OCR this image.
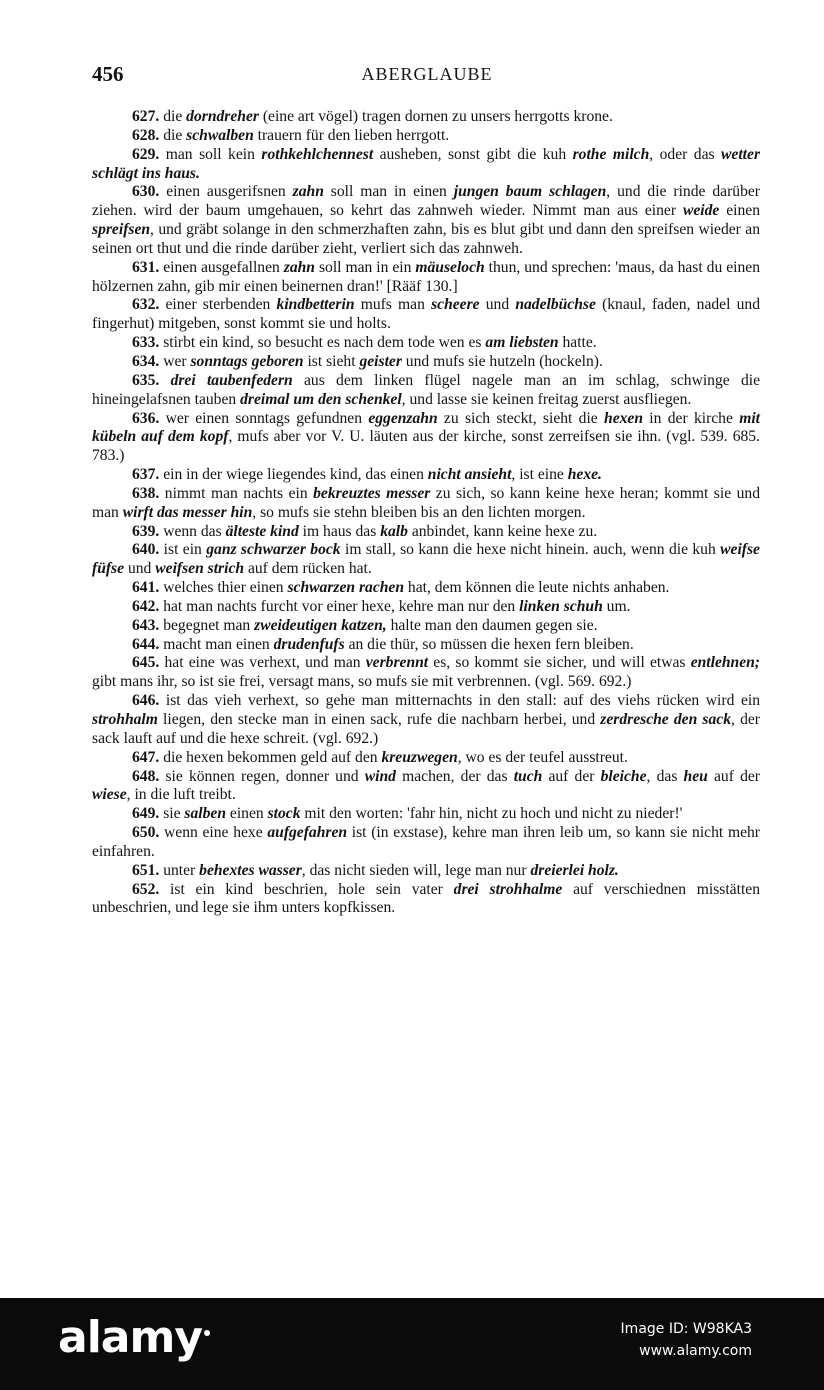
456	ABERGLAUBE

627. die dorndreher (eine art vögel) tragen dornen zu unsers herrgotts krone.

628. die schwalben trauern für den lieben herrgott.

629. man soll kein rothkehlchennest ausheben, sonst gibt die kuh rothe milch, oder das wetter schlägt ins haus.

630. einen ausgerifsnen zahn soll man in einen jungen baum schlagen, und die rinde darüber ziehen. wird der baum umgehauen, so kehrt das zahnweh wieder. Nimmt man aus einer weide einen spreifsen, und gräbt solange in den schmerzhaften zahn, bis es blut gibt und dann den spreifsen wieder an seinen ort thut und die rinde darüber zieht, verliert sich das zahnweh.

631. einen ausgefallnen zahn soll man in ein mäuseloch thun, und sprechen: 'maus, da hast du einen hölzernen zahn, gib mir einen beinernen dran!' [Rääf 130.]

632. einer sterbenden kindbetterin mufs man scheere und nadelbüchse (knaul, faden, nadel und fingerhut) mitgeben, sonst kommt sie und holts.

633. stirbt ein kind, so besucht es nach dem tode wen es am liebsten hatte.

634. wer sonntags geboren ist sieht geister und mufs sie hutzeln (hockeln).

635. drei taubenfedern aus dem linken flügel nagele man an im schlag, schwinge die hineingelafsnen tauben dreimal um den schenkel, und lasse sie keinen freitag zuerst ausfliegen.

636. wer einen sonntags gefundnen eggenzahn zu sich steckt, sieht die hexen in der kirche mit kübeln auf dem kopf, mufs aber vor V. U. läuten aus der kirche, sonst zerreifsen sie ihn. (vgl. 539. 685. 783.)

637. ein in der wiege liegendes kind, das einen nicht ansieht, ist eine hexe.

638. nimmt man nachts ein bekreuztes messer zu sich, so kann keine hexe heran; kommt sie und man wirft das messer hin, so mufs sie stehn bleiben bis an den lichten morgen.

639. wenn das älteste kind im haus das kalb anbindet, kann keine hexe zu.

640. ist ein ganz schwarzer bock im stall, so kann die hexe nicht hinein. auch, wenn die kuh weifse füfse und weifsen strich auf dem rücken hat.

641. welches thier einen schwarzen rachen hat, dem können die leute nichts anhaben.

642. hat man nachts furcht vor einer hexe, kehre man nur den linken schuh um.

643. begegnet man zweideutigen katzen, halte man den daumen gegen sie.

644. macht man einen drudenfufs an die thür, so müssen die hexen fern bleiben.

645. hat eine was verhext, und man verbrennt es, so kommt sie sicher, und will etwas entlehnen; gibt mans ihr, so ist sie frei, versagt mans, so mufs sie mit verbrennen. (vgl. 569. 692.)

646. ist das vieh verhext, so gehe man mitternachts in den stall: auf des viehs rücken wird ein strohhalm liegen, den stecke man in einen sack, rufe die nachbarn herbei, und zerdresche den sack, der sack lauft auf und die hexe schreit. (vgl. 692.)

647. die hexen bekommen geld auf den kreuzwegen, wo es der teufel ausstreut.

648. sie können regen, donner und wind machen, der das tuch auf der bleiche, das heu auf der wiese, in die luft treibt.

649. sie salben einen stock mit den worten: 'fahr hin, nicht zu hoch und nicht zu nieder!'

650. wenn eine hexe aufgefahren ist (in exstase), kehre man ihren leib um, so kann sie nicht mehr einfahren.

651. unter behextes wasser, das nicht sieden will, lege man nur dreierlei holz.

652. ist ein kind beschrien, hole sein vater drei strohhalme auf verschiednen misstätten unbeschrien, und lege sie ihm unters kopfkissen.

alamy	Image ID: W98KA3
www.alamy.com
